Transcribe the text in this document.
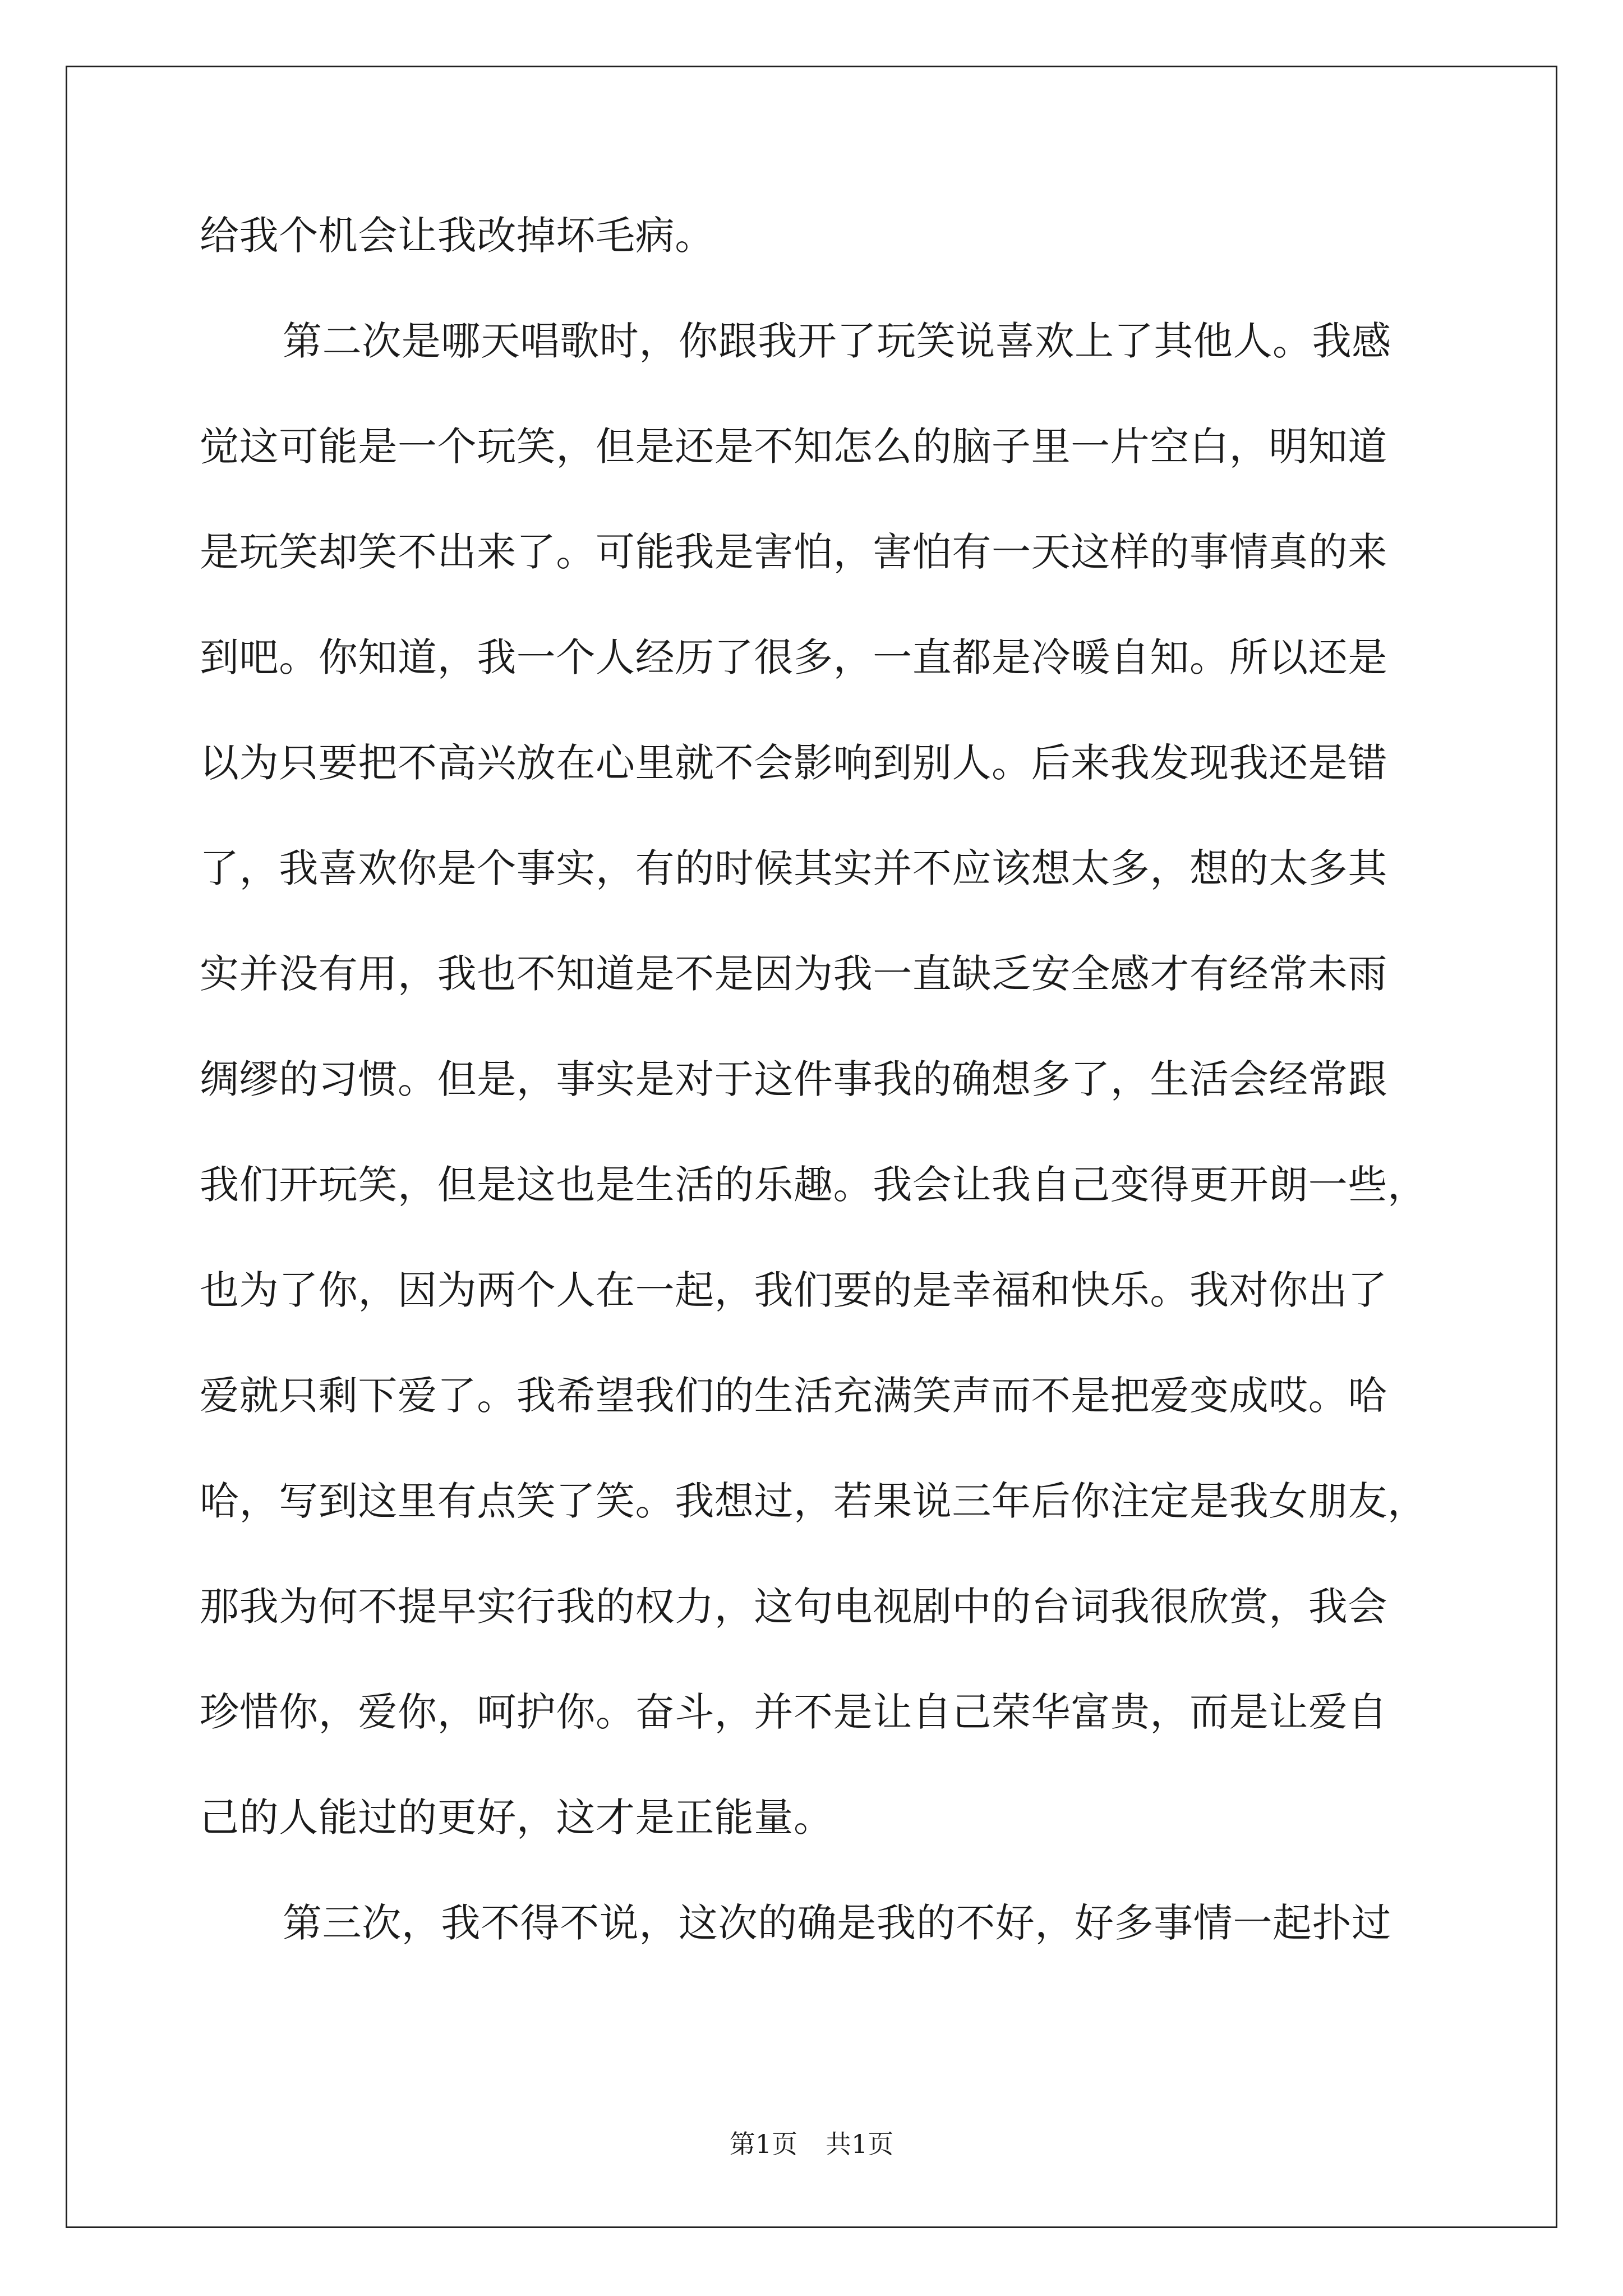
给我个机会让我改掉坏毛病。
第二次是哪天唱歌时，你跟我开了玩笑说喜欢上了其他人。我感
觉这可能是一个玩笑，但是还是不知怎么的脑子里一片空白，明知道
是玩笑却笑不出来了。可能我是害怕，害怕有一天这样的事情真的来
到吧。你知道，我一个人经历了很多，一直都是冷暖自知。所以还是
以为只要把不高兴放在心里就不会影响到别人。后来我发现我还是错
了，我喜欢你是个事实，有的时候其实并不应该想太多，想的太多其
实并没有用，我也不知道是不是因为我一直缺乏安全感才有经常未雨
绸缪的习惯。但是，事实是对于这件事我的确想多了，生活会经常跟
我们开玩笑，但是这也是生活的乐趣。我会让我自己变得更开朗一些，
也为了你，因为两个人在一起，我们要的是幸福和快乐。我对你出了
爱就只剩下爱了。我希望我们的生活充满笑声而不是把爱变成哎。哈
哈，写到这里有点笑了笑。我想过，若果说三年后你注定是我女朋友，
那我为何不提早实行我的权力，这句电视剧中的台词我很欣赏，我会
珍惜你，爱你，呵护你。奋斗，并不是让自己荣华富贵，而是让爱自
己的人能过的更好，这才是正能量。
第三次，我不得不说，这次的确是我的不好，好多事情一起扑过
第1页 共1页
